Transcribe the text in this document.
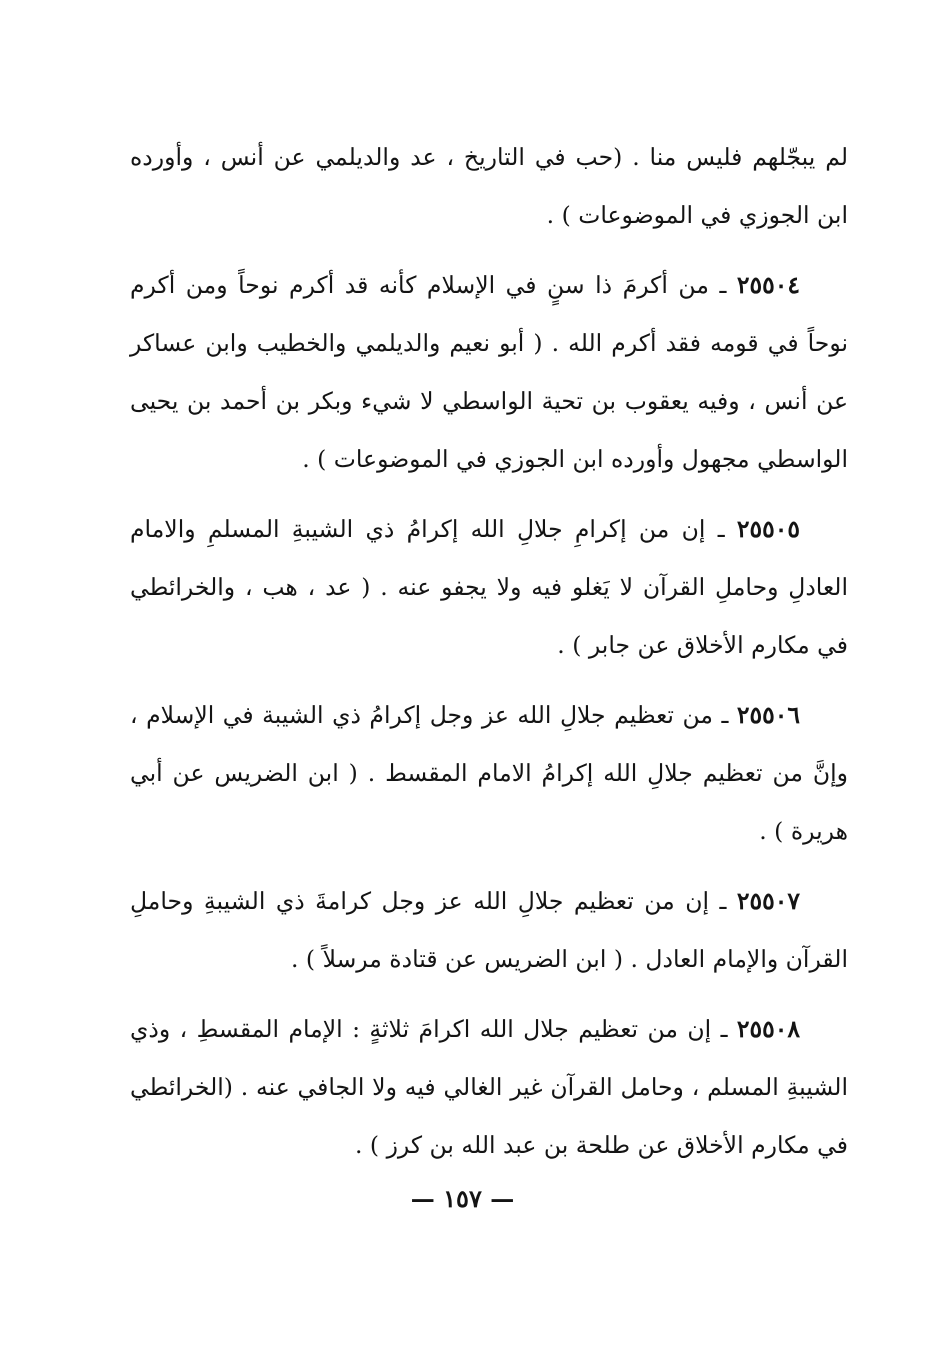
لم يبجّلهم فليس منا . (حب في التاريخ ، عد والديلمي عن أنس ، وأورده ابن الجوزي في الموضوعات ) .

٢٥٥٠٤ ـ من أكرمَ ذا سنٍ في الإسلام كأنه قد أكرم نوحاً ومن أكرم نوحاً في قومه فقد أكرم الله . ( أبو نعيم والديلمي والخطيب وابن عساكر عن أنس ، وفيه يعقوب بن تحية الواسطي لا شيء وبكر بن أحمد بن يحيى الواسطي مجهول وأورده ابن الجوزي في الموضوعات ) .

٢٥٥٠٥ ـ إن من إكرامِ جلالِ الله إكرامُ ذي الشيبةِ المسلمِ والامام العادلِ وحاملِ القرآن لا يَغلو فيه ولا يجفو عنه . ( عد ، هب ، والخرائطي في مكارم الأخلاق عن جابر ) .

٢٥٥٠٦ ـ من تعظيم جلالِ الله عز وجل إكرامُ ذي الشيبة في الإسلام ، وإنَّ من تعظيم جلالِ الله إكرامُ الامام المقسط . ( ابن الضريس عن أبي هريرة ) .

٢٥٥٠٧ ـ إن من تعظيم جلالِ الله عز وجل كرامةَ ذي الشيبةِ وحاملِ القرآن والإمام العادل . ( ابن الضريس عن قتادة مرسلاً ) .

٢٥٥٠٨ ـ إن من تعظيم جلال الله اكرامَ ثلاثةٍ : الإمام المقسطِ ، وذي الشيبةِ المسلم ، وحامل القرآن غير الغالي فيه ولا الجافي عنه . (الخرائطي في مكارم الأخلاق عن طلحة بن عبد الله بن كرز ) .

— ١٥٧ —
